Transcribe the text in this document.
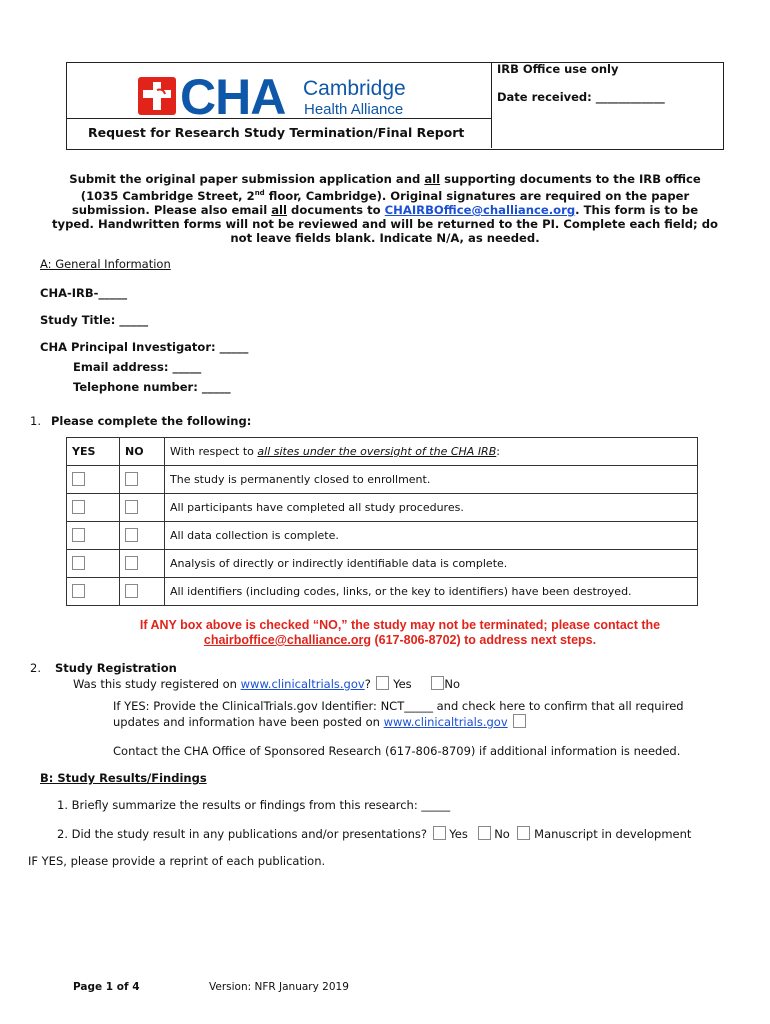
CHA Cambridge
Health Alliance
IRB Office use only
Date received: ____________
Request for Research Study Termination/Final Report
Submit the original paper submission application and all supporting documents to the IRB office
(1035 Cambridge Street, 2nd floor, Cambridge). Original signatures are required on the paper
submission. Please also email all documents to CHAIRBOffice@challiance.org. This form is to be
typed. Handwritten forms will not be reviewed and will be returned to the PI. Complete each field; do
not leave fields blank. Indicate N/A, as needed.
A: General Information
CHA-IRB-_____
Study Title: _____
CHA Principal Investigator: _____
Email address: _____
Telephone number: _____
1. Please complete the following:
YES	NO	With respect to all sites under the oversight of the CHA IRB:
		The study is permanently closed to enrollment.
		All participants have completed all study procedures.
		All data collection is complete.
		Analysis of directly or indirectly identifiable data is complete.
		All identifiers (including codes, links, or the key to identifiers) have been destroyed.
If ANY box above is checked “NO,” the study may not be terminated; please contact the
chairboffice@challiance.org (617-806-8702) to address next steps.
2. Study Registration
Was this study registered on www.clinicaltrials.gov? Yes	No
If YES: Provide the ClinicalTrials.gov Identifier: NCT_____ and check here to confirm that all required
updates and information have been posted on www.clinicaltrials.gov
Contact the CHA Office of Sponsored Research (617-806-8709) if additional information is needed.
B: Study Results/Findings
1. Briefly summarize the results or findings from this research: _____
2. Did the study result in any publications and/or presentations? Yes No Manuscript in development
IF YES, please provide a reprint of each publication.
Page 1 of 4	Version: NFR January 2019
